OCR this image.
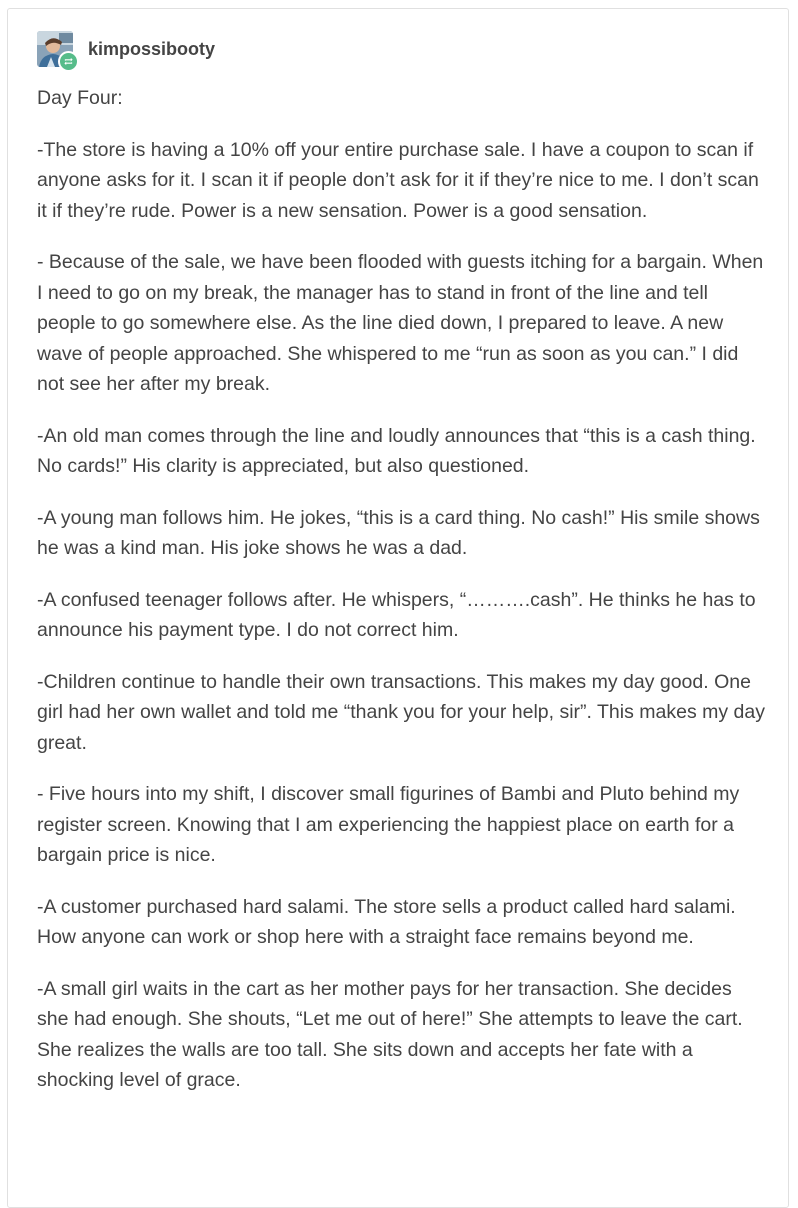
kimpossibooty

Day Four:

-The store is having a 10% off your entire purchase sale. I have a coupon to scan if anyone asks for it. I scan it if people don’t ask for it if they’re nice to me. I don’t scan it if they’re rude. Power is a new sensation. Power is a good sensation.

- Because of the sale, we have been flooded with guests itching for a bargain. When I need to go on my break, the manager has to stand in front of the line and tell people to go somewhere else. As the line died down, I prepared to leave. A new wave of people approached. She whispered to me “run as soon as you can.” I did not see her after my break.

-An old man comes through the line and loudly announces that “this is a cash thing. No cards!” His clarity is appreciated, but also questioned.

-A young man follows him. He jokes, “this is a card thing. No cash!” His smile shows he was a kind man. His joke shows he was a dad.

-A confused teenager follows after. He whispers, “……….cash”. He thinks he has to announce his payment type. I do not correct him.

-Children continue to handle their own transactions. This makes my day good. One girl had her own wallet and told me “thank you for your help, sir”. This makes my day great.

- Five hours into my shift, I discover small figurines of Bambi and Pluto behind my register screen. Knowing that I am experiencing the happiest place on earth for a bargain price is nice.

-A customer purchased hard salami. The store sells a product called hard salami. How anyone can work or shop here with a straight face remains beyond me.

-A small girl waits in the cart as her mother pays for her transaction. She decides she had enough. She shouts, “Let me out of here!” She attempts to leave the cart. She realizes the walls are too tall. She sits down and accepts her fate with a shocking level of grace.
